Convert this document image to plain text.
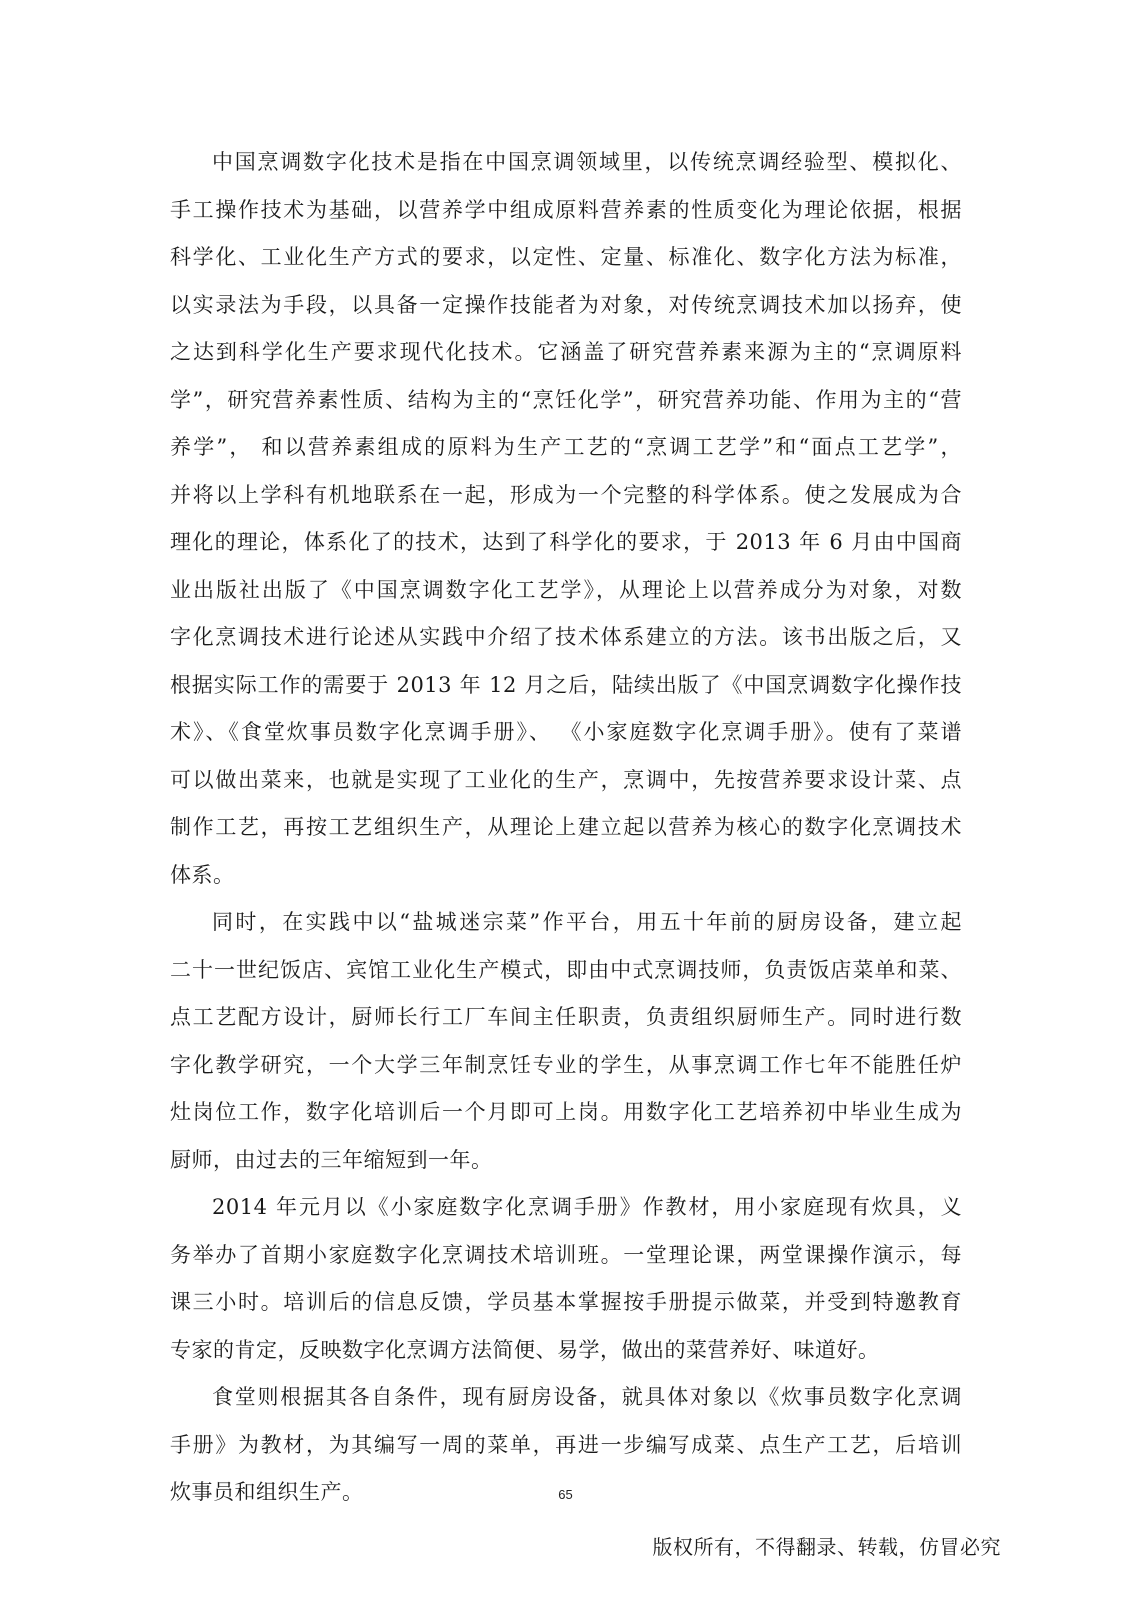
中国烹调数字化技术是指在中国烹调领域里，以传统烹调经验型、模拟化、
手工操作技术为基础，以营养学中组成原料营养素的性质变化为理论依据，根据
科学化、工业化生产方式的要求，以定性、定量、标准化、数字化方法为标准，
以实录法为手段，以具备一定操作技能者为对象，对传统烹调技术加以扬弃，使
之达到科学化生产要求现代化技术。它涵盖了研究营养素来源为主的“烹调原料
学”，研究营养素性质、结构为主的“烹饪化学”，研究营养功能、作用为主的“营
养学”， 和以营养素组成的原料为生产工艺的“烹调工艺学”和“面点工艺学”，
并将以上学科有机地联系在一起，形成为一个完整的科学体系。使之发展成为合
理化的理论，体系化了的技术，达到了科学化的要求，于 2013 年 6 月由中国商
业出版社出版了《中国烹调数字化工艺学》，从理论上以营养成分为对象，对数
字化烹调技术进行论述从实践中介绍了技术体系建立的方法。该书出版之后，又
根据实际工作的需要于 2013 年 12 月之后，陆续出版了《中国烹调数字化操作技
术》、《食堂炊事员数字化烹调手册》、 《小家庭数字化烹调手册》。使有了菜谱
可以做出菜来，也就是实现了工业化的生产，烹调中，先按营养要求设计菜、点
制作工艺，再按工艺组织生产，从理论上建立起以营养为核心的数字化烹调技术
体系。
同时，在实践中以“盐城迷宗菜”作平台，用五十年前的厨房设备，建立起
二十一世纪饭店、宾馆工业化生产模式，即由中式烹调技师，负责饭店菜单和菜、
点工艺配方设计，厨师长行工厂车间主任职责，负责组织厨师生产。同时进行数
字化教学研究，一个大学三年制烹饪专业的学生，从事烹调工作七年不能胜任炉
灶岗位工作，数字化培训后一个月即可上岗。用数字化工艺培养初中毕业生成为
厨师，由过去的三年缩短到一年。
2014 年元月以《小家庭数字化烹调手册》作教材，用小家庭现有炊具，义
务举办了首期小家庭数字化烹调技术培训班。一堂理论课，两堂课操作演示，每
课三小时。培训后的信息反馈，学员基本掌握按手册提示做菜，并受到特邀教育
专家的肯定，反映数字化烹调方法简便、易学，做出的菜营养好、味道好。
食堂则根据其各自条件，现有厨房设备，就具体对象以《炊事员数字化烹调
手册》为教材，为其编写一周的菜单，再进一步编写成菜、点生产工艺，后培训
炊事员和组织生产。	65
版权所有，不得翻录、转载，仿冒必究
